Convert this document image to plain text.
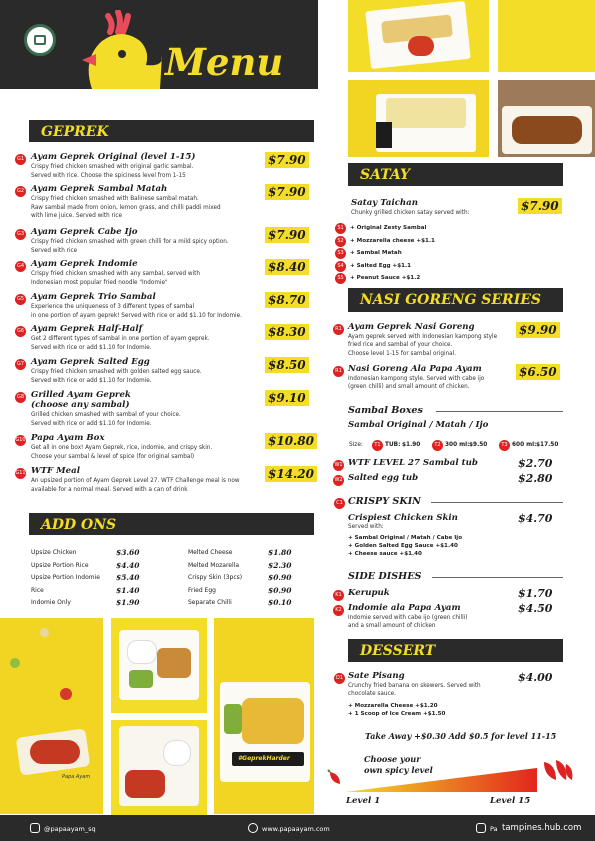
Menu
GEPREK
G1 Ayam Geprek Original (level 1-15)
Crispy fried chicken smashed with original garlic sambal.
Served with rice. Choose the spiciness level from 1-15
$7.90
G2 Ayam Geprek Sambal Matah
Crispy fried chicken smashed with Balinese sambal matah.
Raw sambal made from onion, lemon grass, and chilli paddi mixed
with lime juice. Served with rice
$7.90
G3 Ayam Geprek Cabe Ijo
Crispy fried chicken smashed with green chilli for a mild spicy option.
Served with rice
$7.90
G4 Ayam Geprek Indomie
Crispy fried chicken smashed with any sambal, served with
Indonesian most popular fried noodle "Indomie"
$8.40
G5 Ayam Geprek Trio Sambal
Experience the uniqueness of 3 different types of sambal
in one portion of ayam geprek! Served with rice or add $1.10 for Indomie.
$8.70
G6 Ayam Geprek Half-Half
Get 2 different types of sambal in one portion of ayam geprek.
Served with rice or add $1.10 for Indomie.
$8.30
G7 Ayam Geprek Salted Egg
Crispy fried chicken smashed with golden salted egg sauce.
Served with rice or add $1.10 for Indomie.
$8.50
G8 Grilled Ayam Geprek
(choose any sambal)
Grilled chicken smashed with sambal of your choice.
Served with rice or add $1.10 for Indomie.
$9.10
G10 Papa Ayam Box
Get all in one box! Ayam Geprek, rice, indomie, and crispy skin.
Choose your sambal & level of spice (for original sambal)
$10.80
G11 WTF Meal
An upsized portion of Ayam Geprek Level 27. WTF Challenge meal is now
available for a normal meal. Served with a can of drink
$14.20
ADD ONS
Upsize Chicken	$3.60
Upsize Portion Rice	$4.40
Upsize Portion Indomie $5.40
Rice	$1.40
Indomie Only	$1.90
Melted Cheese	$1.80
Melted Mozarella	$2.30
Crispy Skin (3pcs)	$0.90
Fried Egg	$0.90
Separate Chilli	$0.10
Papa Ayam
#GeprekHarder
SATAY
Satay Taichan
Chunky grilled chicken satay served with:	$7.90
S1	+ Original Zesty Sambal
S2	+ Mozzarella cheese +$1.1
S3	+ Sambal Matah
S4	+ Salted Egg +$1.1
S5	+ Peanut Sauce +$1.2
NASI GORENG SERIES
R1 Ayam Geprek Nasi Goreng
Ayam geprek served with Indonesian kampong style
fried rice and sambal of your choice.
Choose level 1-15 for sambal original.
$9.90
R1 Nasi Goreng Ala Papa Ayam
Indonesian kampong style. Served with cabe ijo
(green chilli) and small amount of chicken.
$6.50
Sambal Boxes
Sambal Original / Matah / Ijo
Size:	T1 TUB: $1.90	T2 300 ml: $9.50	T3 600 ml: $17.50
W1 WTF LEVEL 27 Sambal tub	$2.70
W2 Salted egg tub	$2.80
C1 CRISPY SKIN
Crispiest Chicken Skin	$4.70
Served with:
+ Sambal Original / Matah / Cabe Ijo
+ Golden Salted Egg Sauce +$1.40
+ Cheese sauce +$1.40
SIDE DISHES
K1 Kerupuk	$1.70
K2 Indomie ala Papa Ayam	$4.50
Indomie served with cabe ijo (green chilli)
and a small amount of chicken
DESSERT
D1 Sate Pisang	$4.00
Crunchy fried banana on skewers. Served with
chocolate sauce.
+ Mozzarella Cheese +$1.20
+ 1 Scoop of Ice Cream +$1.50
Take Away +$0.30 Add $0.5 for level 11-15
Choose your
own spicy level
Level 1	Level 15
@papaayam_sq	www.papaayam.com	Pa tampines.hub.com
